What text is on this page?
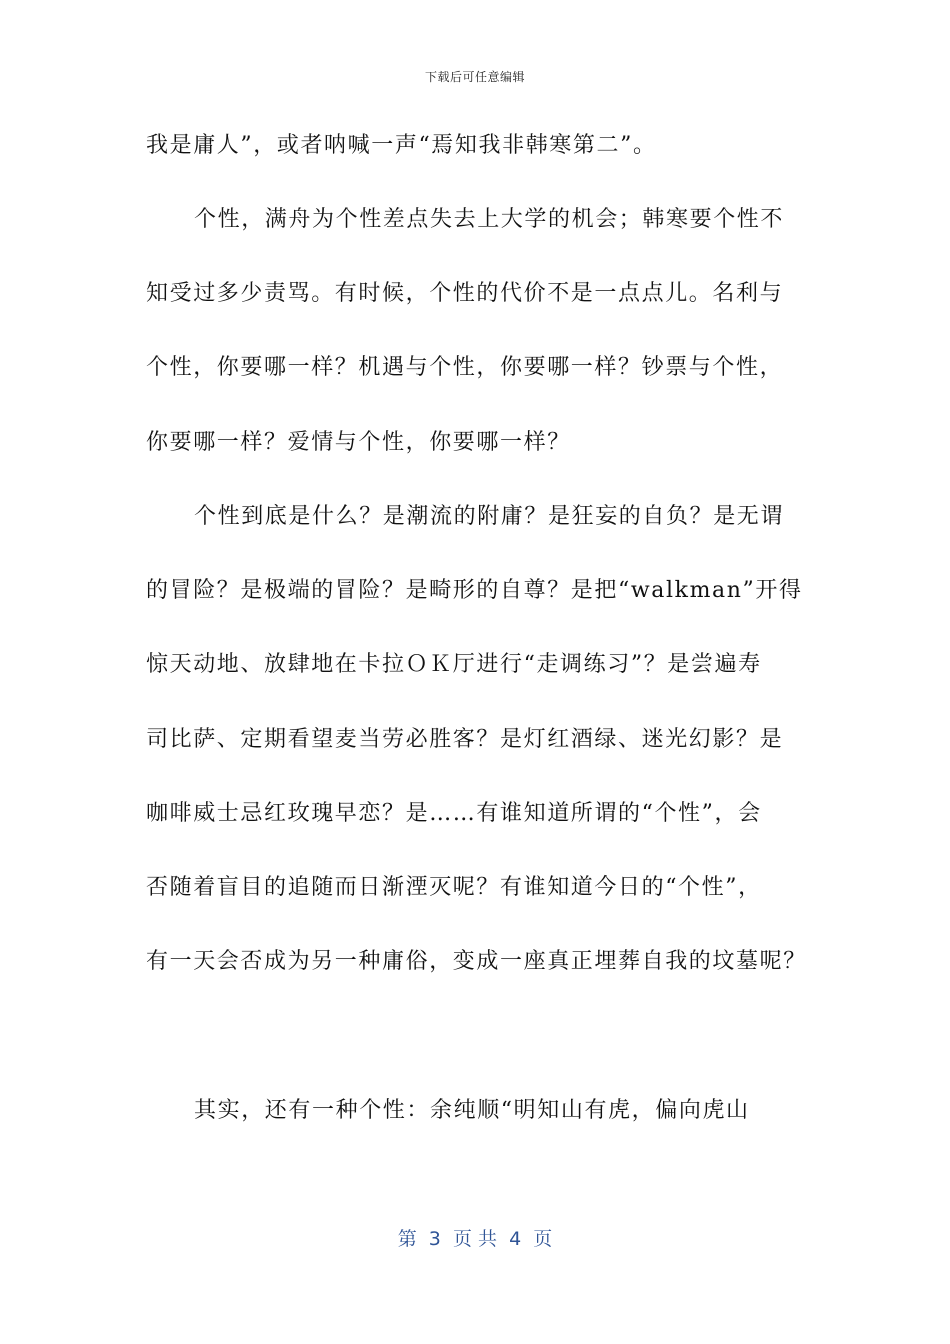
下载后可任意编辑
我是庸人”，或者呐喊一声“焉知我非韩寒第二”。
个性，满舟为个性差点失去上大学的机会；韩寒要个性不
知受过多少责骂。有时候，个性的代价不是一点点儿。名利与
个性，你要哪一样？机遇与个性，你要哪一样？钞票与个性，
你要哪一样？爱情与个性，你要哪一样？
个性到底是什么？是潮流的附庸？是狂妄的自负？是无谓
的冒险？是极端的冒险？是畸形的自尊？是把“walkman”开得
惊天动地、放肆地在卡拉ＯＫ厅进行“走调练习”？是尝遍寿
司比萨、定期看望麦当劳必胜客？是灯红酒绿、迷光幻影？是
咖啡威士忌红玫瑰早恋？是……有谁知道所谓的“个性”，会
否随着盲目的追随而日渐湮灭呢？有谁知道今日的“个性”，
有一天会否成为另一种庸俗，变成一座真正埋葬自我的坟墓呢？
其实，还有一种个性：余纯顺“明知山有虎，偏向虎山
第  3  页 共  4  页
